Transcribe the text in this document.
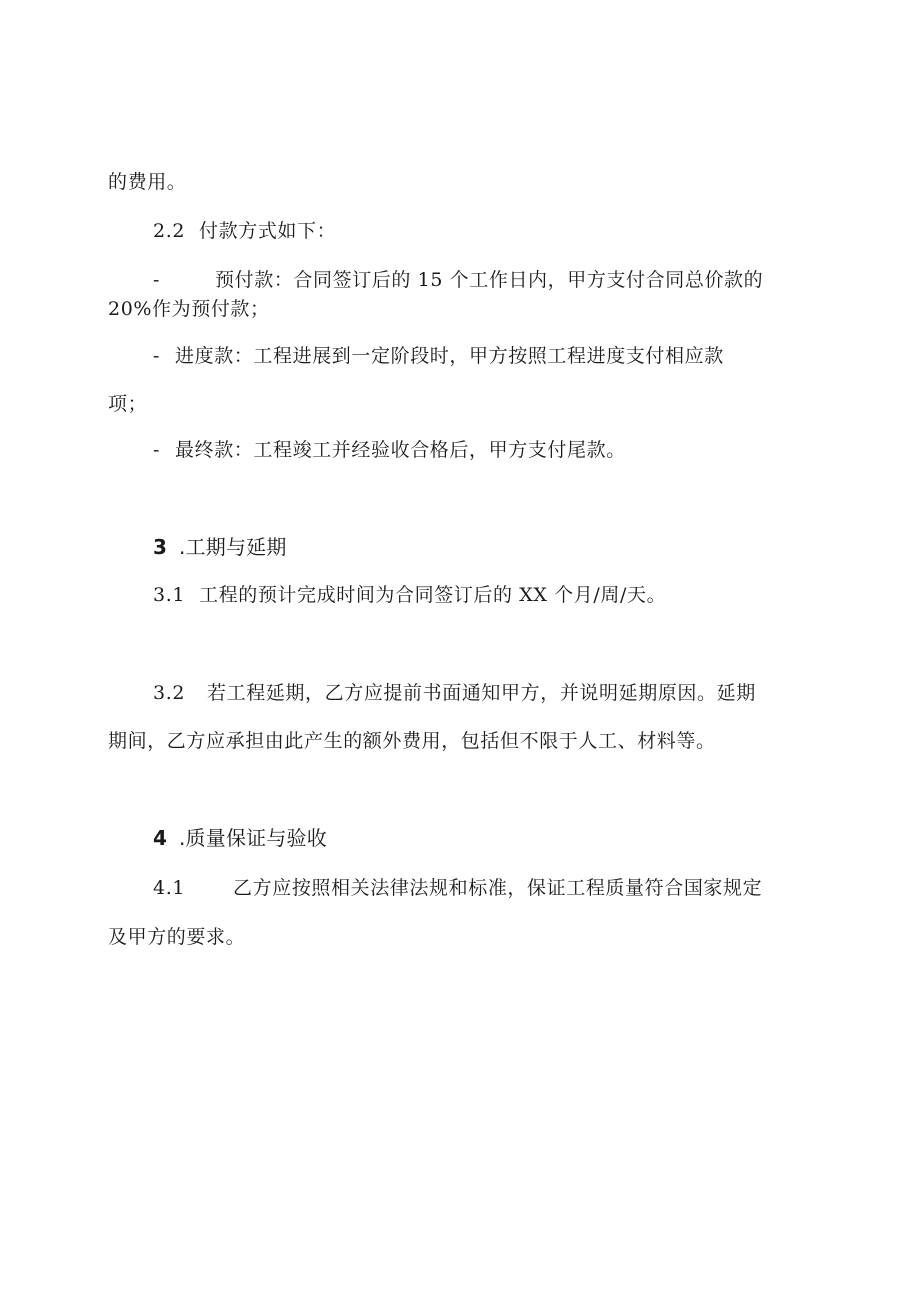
的费用。
2.2 付款方式如下：
-	预付款：合同签订后的 15 个工作日内，甲方支付合同总价款的
20%作为预付款；
- 进度款：工程进展到一定阶段时，甲方按照工程进度支付相应款
项；
- 最终款：工程竣工并经验收合格后，甲方支付尾款。
3 .工期与延期
3.1 工程的预计完成时间为合同签订后的 XX 个月/周/天。
3.2 若工程延期，乙方应提前书面通知甲方，并说明延期原因。延期
期间，乙方应承担由此产生的额外费用，包括但不限于人工、材料等。
4 .质量保证与验收
4.1	乙方应按照相关法律法规和标准，保证工程质量符合国家规定
及甲方的要求。
